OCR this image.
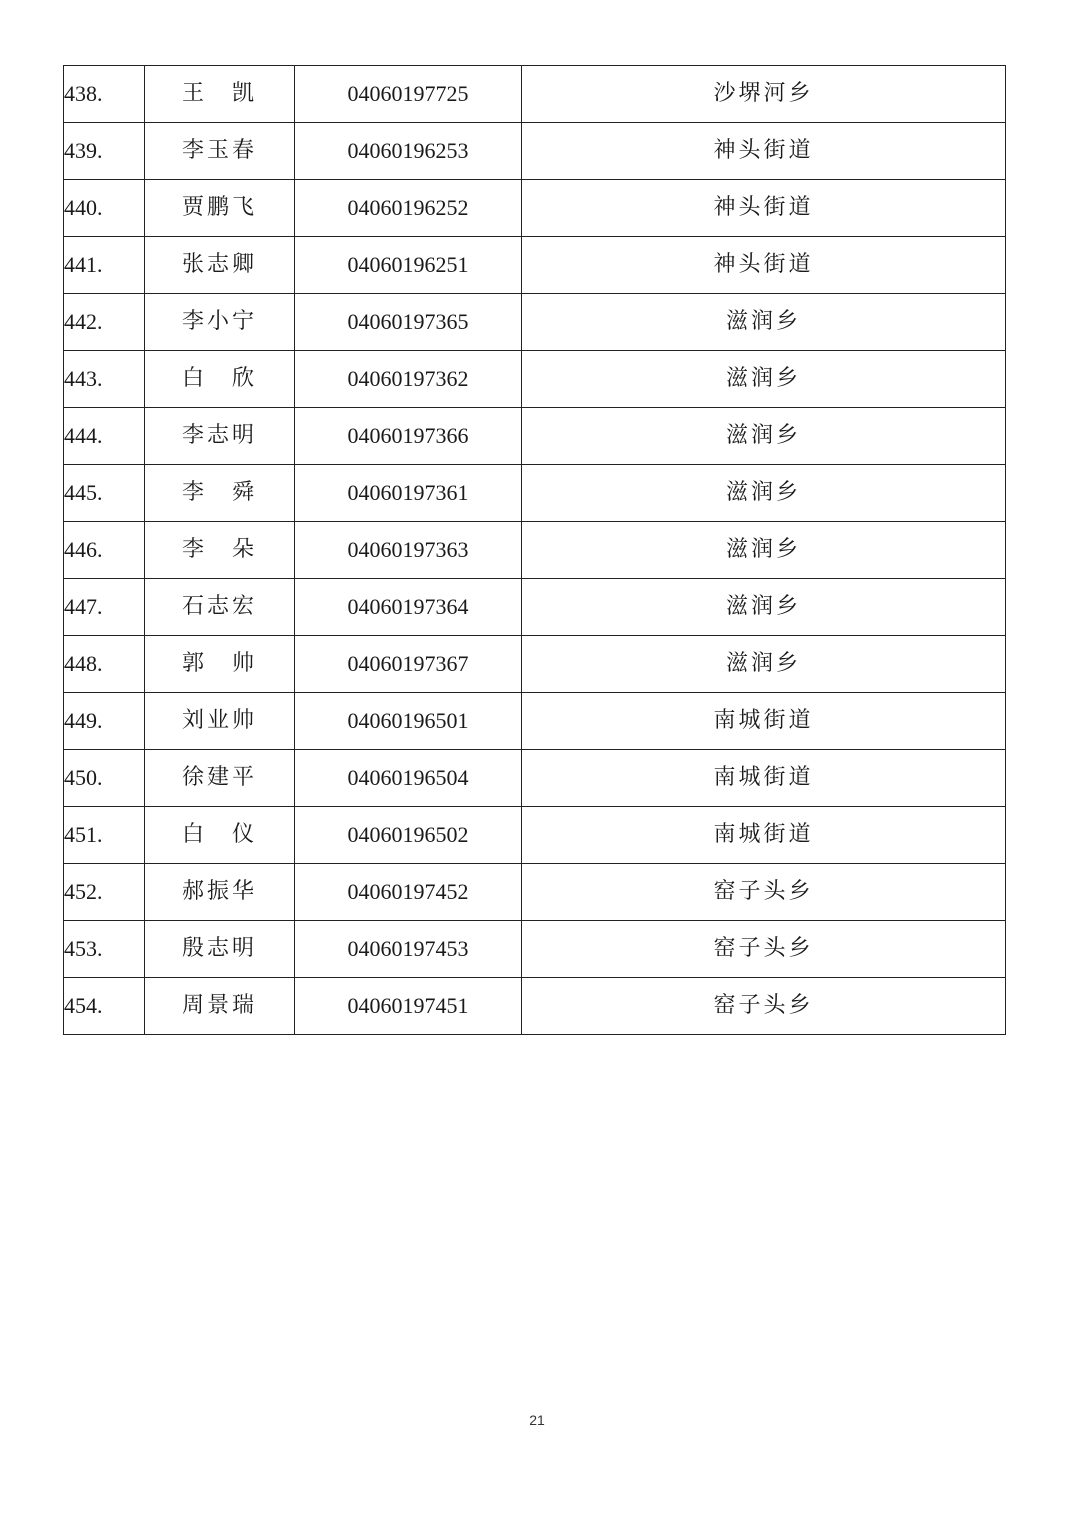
438.	王　凯	04060197725	沙堺河乡
439.	李玉春	04060196253	神头街道
440.	贾鹏飞	04060196252	神头街道
441.	张志卿	04060196251	神头街道
442.	李小宁	04060197365	滋润乡
443.	白　欣	04060197362	滋润乡
444.	李志明	04060197366	滋润乡
445.	李　舜	04060197361	滋润乡
446.	李　朵	04060197363	滋润乡
447.	石志宏	04060197364	滋润乡
448.	郭　帅	04060197367	滋润乡
449.	刘业帅	04060196501	南城街道
450.	徐建平	04060196504	南城街道
451.	白　仪	04060196502	南城街道
452.	郝振华	04060197452	窑子头乡
453.	殷志明	04060197453	窑子头乡
454.	周景瑞	04060197451	窑子头乡
21
